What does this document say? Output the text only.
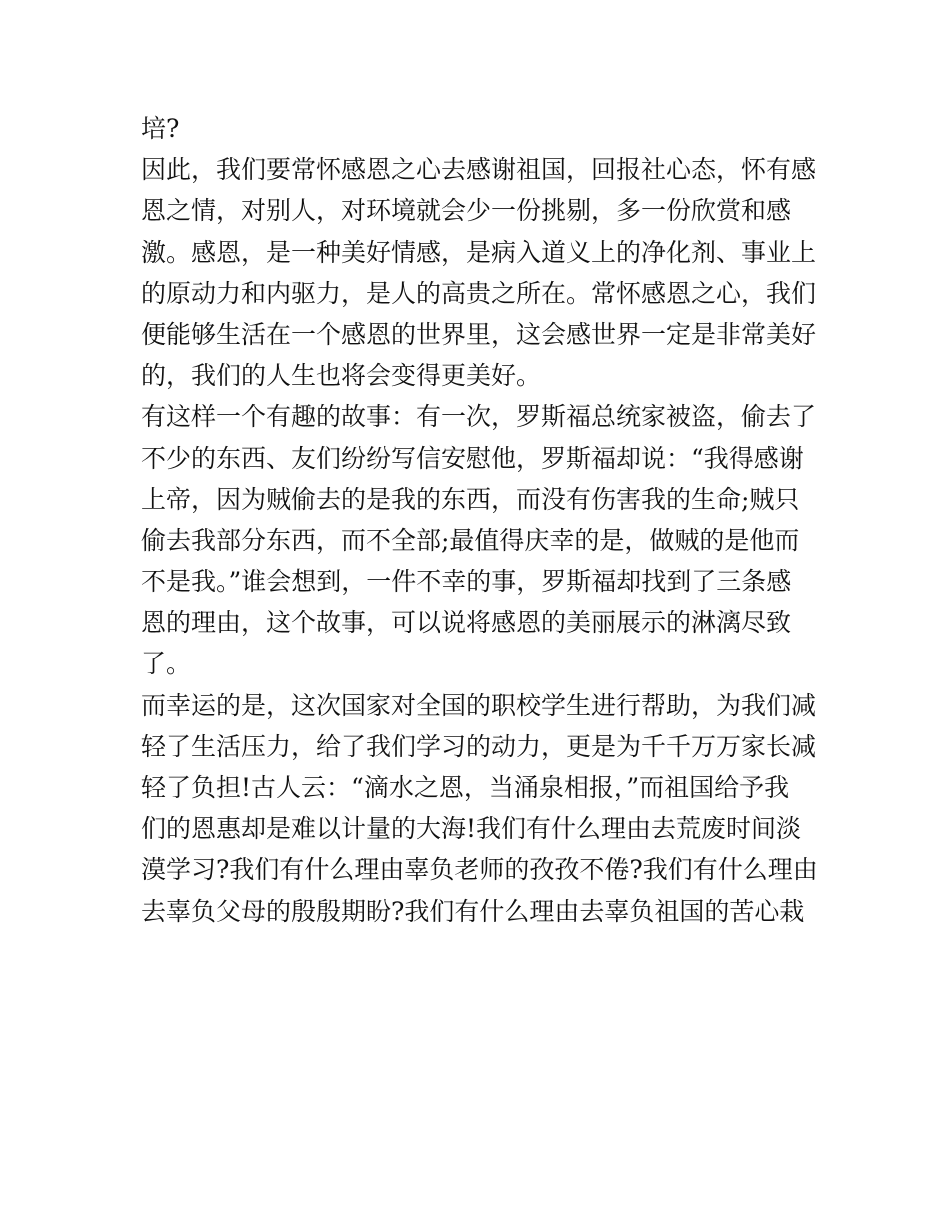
培?
因此，我们要常怀感恩之心去感谢祖国，回报社心态，怀有感
恩之情，对别人，对环境就会少一份挑剔，多一份欣赏和感
激。感恩，是一种美好情感，是病入道义上的净化剂、事业上
的原动力和内驱力，是人的高贵之所在。常怀感恩之心，我们
便能够生活在一个感恩的世界里，这会感世界一定是非常美好
的，我们的人生也将会变得更美好。
有这样一个有趣的故事：有一次，罗斯福总统家被盗，偷去了
不少的东西、友们纷纷写信安慰他，罗斯福却说：“我得感谢
上帝，因为贼偷去的是我的东西，而没有伤害我的生命;贼只
偷去我部分东西，而不全部;最值得庆幸的是，做贼的是他而
不是我。”谁会想到，一件不幸的事，罗斯福却找到了三条感
恩的理由，这个故事，可以说将感恩的美丽展示的淋漓尽致
了。
而幸运的是，这次国家对全国的职校学生进行帮助，为我们减
轻了生活压力，给了我们学习的动力，更是为千千万万家长减
轻了负担!古人云：“滴水之恩，当涌泉相报，”而祖国给予我
们的恩惠却是难以计量的大海!我们有什么理由去荒废时间淡
漠学习?我们有什么理由辜负老师的孜孜不倦?我们有什么理由
去辜负父母的殷殷期盼?我们有什么理由去辜负祖国的苦心栽
